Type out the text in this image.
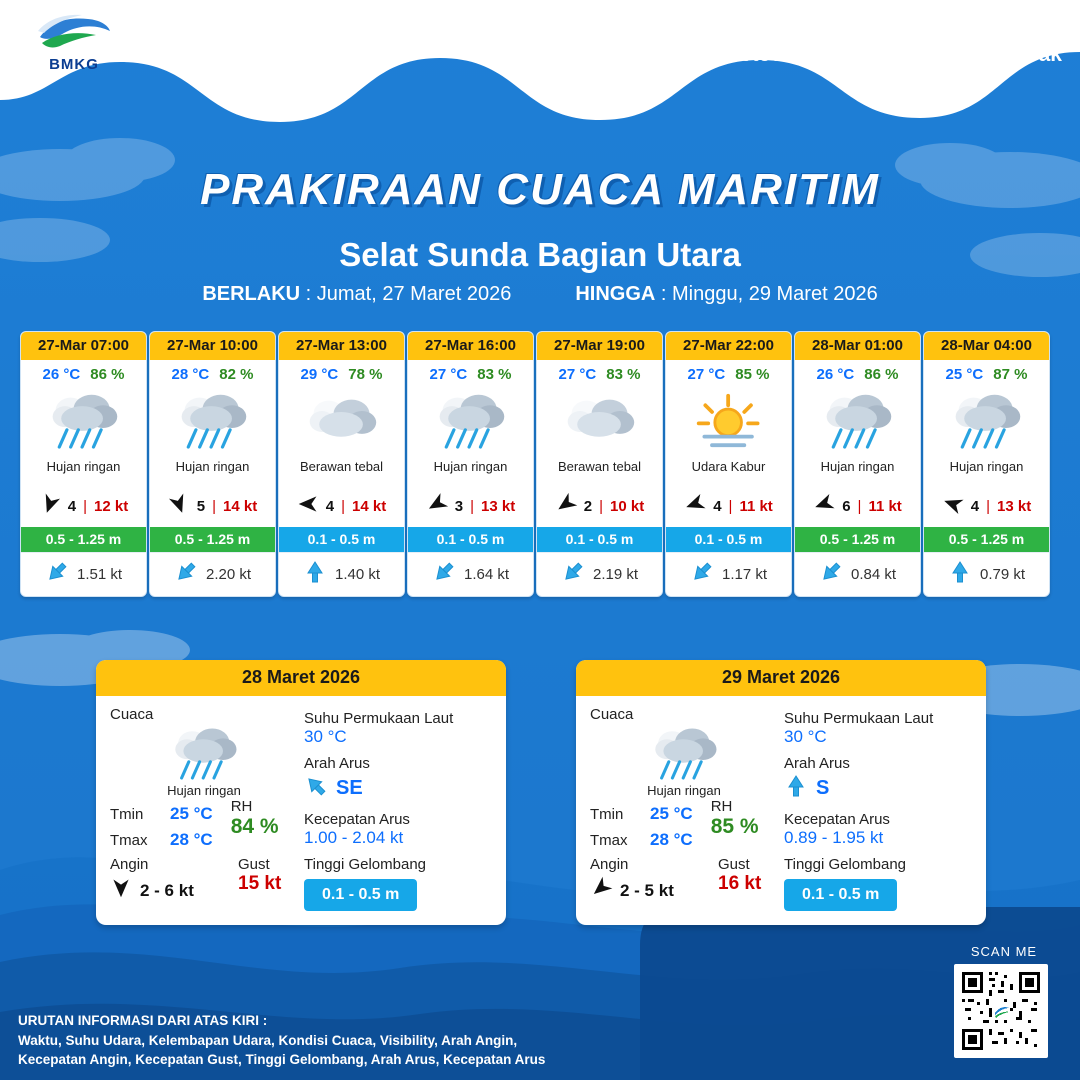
BMKG
BADAN METEOROLOGI KLIMATOLOGI DAN GEOFISIKA
Stasiun Meteorologi Maritim Kelas I Merak
PRAKIRAAN CUACA MARITIM
Selat Sunda Bagian Utara
BERLAKU : Jumat, 27 Maret 2026	HINGGA : Minggu, 29 Maret 2026
27-Mar 07:00
26 °C 86 %
Hujan ringan
4 | 12 kt
0.5 - 1.25 m
1.51 kt
27-Mar 10:00
28 °C 82 %
Hujan ringan
5 | 14 kt
0.5 - 1.25 m
2.20 kt
27-Mar 13:00
29 °C 78 %
Berawan tebal
4 | 14 kt
0.1 - 0.5 m
1.40 kt
27-Mar 16:00
27 °C 83 %
Hujan ringan
3 | 13 kt
0.1 - 0.5 m
1.64 kt
27-Mar 19:00
27 °C 83 %
Berawan tebal
2 | 10 kt
0.1 - 0.5 m
2.19 kt
27-Mar 22:00
27 °C 85 %
Udara Kabur
4 | 11 kt
0.1 - 0.5 m
1.17 kt
28-Mar 01:00
26 °C 86 %
Hujan ringan
6 | 11 kt
0.5 - 1.25 m
0.84 kt
28-Mar 04:00
25 °C 87 %
Hujan ringan
4 | 13 kt
0.5 - 1.25 m
0.79 kt
28 Maret 2026
Cuaca
Hujan ringan
Tmin	25 °C
Tmax	28 °C
RH
84 %
Angin
2 - 6 kt
Gust
15 kt
Suhu Permukaan Laut
30 °C
Arah Arus
SE
Kecepatan Arus
1.00 - 2.04 kt
Tinggi Gelombang
0.1 - 0.5 m
29 Maret 2026
Cuaca
Hujan ringan
Tmin	25 °C
Tmax	28 °C
RH
85 %
Angin
2 - 5 kt
Gust
16 kt
Suhu Permukaan Laut
30 °C
Arah Arus
S
Kecepatan Arus
0.89 - 1.95 kt
Tinggi Gelombang
0.1 - 0.5 m
URUTAN INFORMASI DARI ATAS KIRI :
Waktu, Suhu Udara, Kelembapan Udara, Kondisi Cuaca, Visibility, Arah Angin,
Kecepatan Angin, Kecepatan Gust, Tinggi Gelombang, Arah Arus, Kecepatan Arus
SCAN ME
